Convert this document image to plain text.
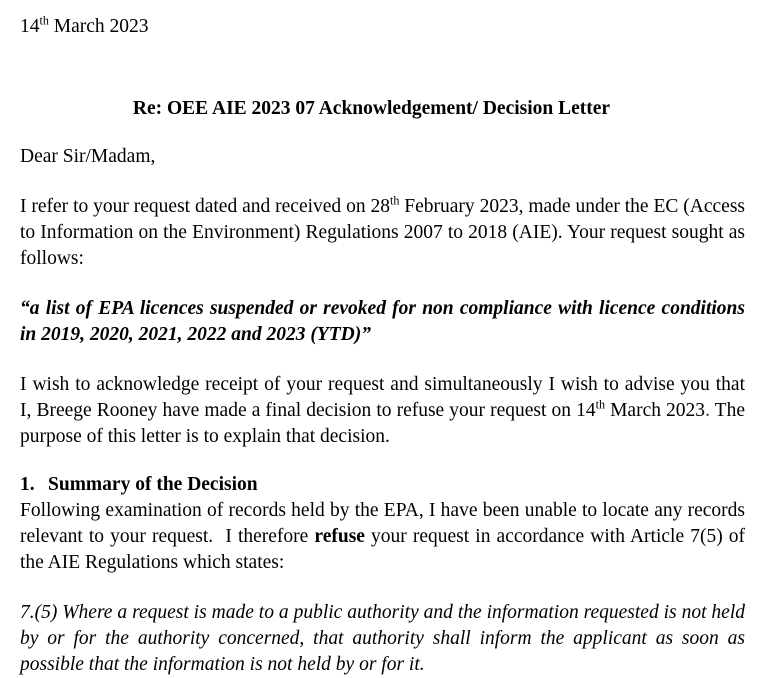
14th March 2023

Re: OEE AIE 2023 07 Acknowledgement/ Decision Letter

Dear Sir/Madam,

I refer to your request dated and received on 28th February 2023, made under the EC (Access to Information on the Environment) Regulations 2007 to 2018 (AIE). Your request sought as follows:

“a list of EPA licences suspended or revoked for non compliance with licence conditions in 2019, 2020, 2021, 2022 and 2023 (YTD)”

I wish to acknowledge receipt of your request and simultaneously I wish to advise you that I, Breege Rooney have made a final decision to refuse your request on 14th March 2023. The purpose of this letter is to explain that decision.

1. Summary of the Decision

Following examination of records held by the EPA, I have been unable to locate any records relevant to your request. I therefore refuse your request in accordance with Article 7(5) of the AIE Regulations which states:

7.(5) Where a request is made to a public authority and the information requested is not held by or for the authority concerned, that authority shall inform the applicant as soon as possible that the information is not held by or for it.
